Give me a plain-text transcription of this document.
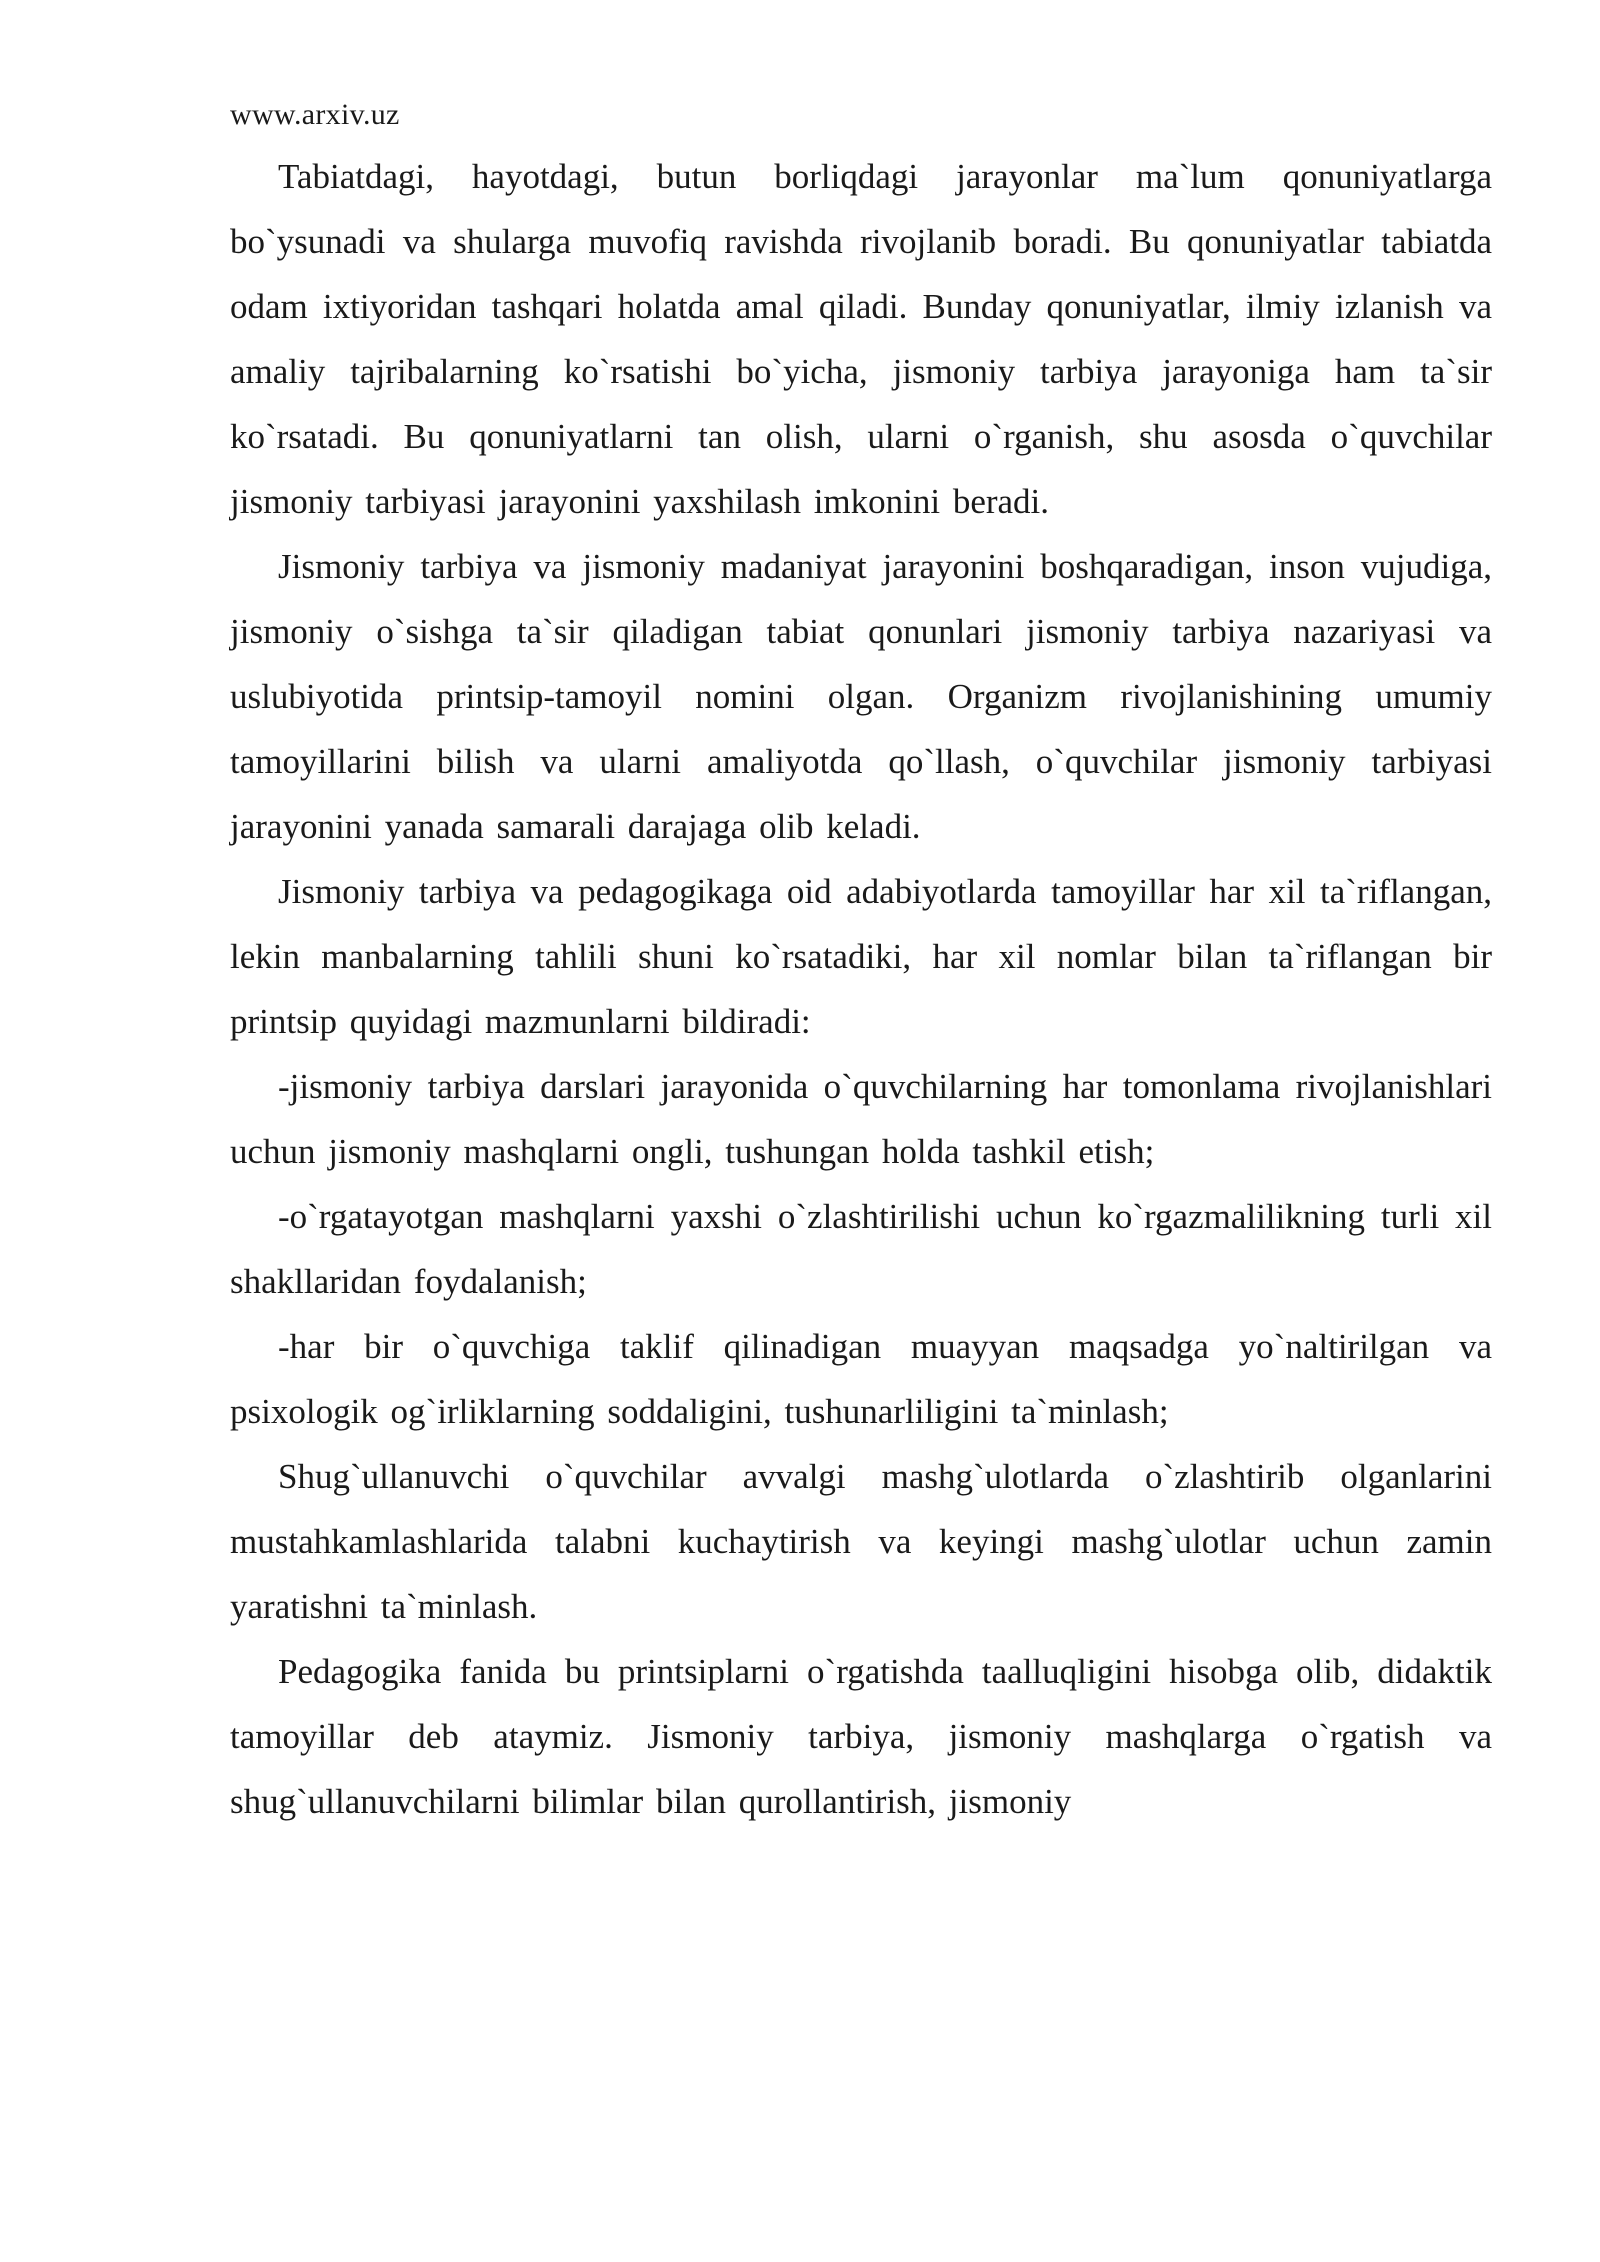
www.arxiv.uz

Tabiatdagi, hayotdagi, butun borliqdagi jarayonlar ma`lum qonuniyatlarga bo`ysunadi va shularga muvofiq ravishda rivojlanib boradi. Bu qonuniyatlar tabiatda odam ixtiyoridan tashqari holatda amal qiladi. Bunday qonuniyatlar, ilmiy izlanish va amaliy tajribalarning ko`rsatishi bo`yicha, jismoniy tarbiya jarayoniga ham ta`sir ko`rsatadi. Bu qonuniyatlarni tan olish, ularni o`rganish, shu asosda o`quvchilar jismoniy tarbiyasi jarayonini yaxshilash imkonini beradi.

Jismoniy tarbiya va jismoniy madaniyat jarayonini boshqaradigan, inson vujudiga, jismoniy o`sishga ta`sir qiladigan tabiat qonunlari jismoniy tarbiya nazariyasi va uslubiyotida printsip-tamoyil nomini olgan. Organizm rivojlanishining umumiy tamoyillarini bilish va ularni amaliyotda qo`llash, o`quvchilar jismoniy tarbiyasi jarayonini yanada samarali darajaga olib keladi.

Jismoniy tarbiya va pedagogikaga oid adabiyotlarda tamoyillar har xil ta`riflangan, lekin manbalarning tahlili shuni ko`rsatadiki, har xil nomlar bilan ta`riflangan bir printsip quyidagi mazmunlarni bildiradi:

-jismoniy tarbiya darslari jarayonida o`quvchilarning har tomonlama rivojlanishlari uchun jismoniy mashqlarni ongli, tushungan holda tashkil etish;

-o`rgatayotgan mashqlarni yaxshi o`zlashtirilishi uchun ko`rgazmalilikning turli xil shakllaridan foydalanish;

-har bir o`quvchiga taklif qilinadigan muayyan maqsadga yo`naltirilgan va psixologik og`irliklarning soddaligini, tushunarliligini ta`minlash;

Shug`ullanuvchi o`quvchilar avvalgi mashg`ulotlarda o`zlashtirib olganlarini mustahkamlashlarida talabni kuchaytirish va keyingi mashg`ulotlar uchun zamin yaratishni ta`minlash.

Pedagogika fanida bu printsiplarni o`rgatishda taalluqligini hisobga olib, didaktik tamoyillar deb ataymiz. Jismoniy tarbiya, jismoniy mashqlarga o`rgatish va shug`ullanuvchilarni bilimlar bilan qurollantirish, jismoniy
